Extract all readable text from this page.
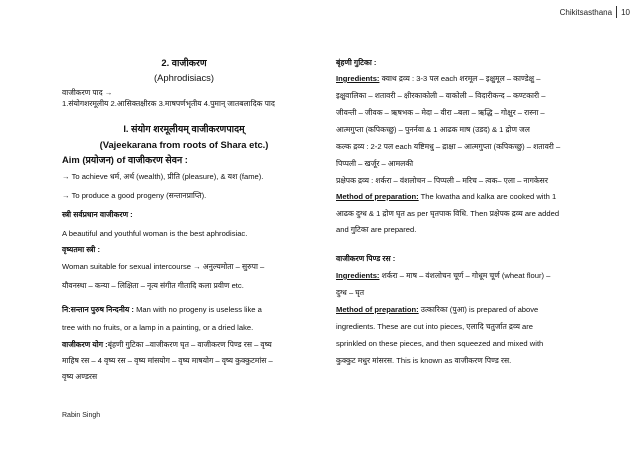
Chikitsasthana 10
2. वाजीकरण
(Aphrodisiacs)
वाजीकरण पाद →
1.संयोगशरमूलीय 2.आसिक्तक्षीरक 3.माषपर्णभृतीय 4.पुमान् जातबलादिक पाद
I. संयोग शरमूलीयम् वाजीकरणपादम्
(Vajeekarana from roots of Shara etc.)
Aim (प्रयोजन) of वाजीकरण सेवन :
→ To achieve धर्म, अर्थ (wealth), प्रीति (pleasure), & यश (fame).
→ To produce a good progeny (सन्तानप्राप्ति).
स्त्री सर्वप्रधान वाजीकरण :
A beautiful and youthful woman is the best aphrodisiac.
वृष्यतमा स्त्री :
Woman suitable for sexual intercourse → अनुल्यमोता – सुरुपा –
यौवनस्था – कन्या – लिक्षिता – नृत्य संगीत गीतादि कला प्रवीण etc.
नि:सन्तान पुरुष निन्दनीय : Man with no progeny is useless like a
tree with no fruits, or a lamp in a painting, or a dried lake.
वाजीकरण योग :बृंहणी गुटिका –वाजीकरण घृत – वाजीकरण पिण्ड रस – वृष्य
माहिष रस – 4 वृष्य रस – वृष्य मांसयोग – वृष्य माषयोग – वृष्य कुक्कुटमांस –
वृष्य अण्डरस
बृंहणी गुटिका :
Ingredients: क्वाथ द्रव्य : 3-3 पल each शरमूल – इक्षुमूल – काण्डेक्षु –
इक्षुवालिका – शतावरी – क्षीरकाकोली – वाकोली – विदारीकन्द – कण्टकारी –
जीवन्ती – जीवक – ऋषभक – मेदा – वीरा –बला – ऋद्धि – गोक्षुर – रास्ना –
आत्मगुप्ता (कपिकच्छु) – पुनर्नवा & 1 आढक माष (उडद) & 1 द्रोण जल
कल्क द्रव्य : 2-2 पल each यष्टिमधु – द्राक्षा – आत्मगुप्ता (कपिकच्छु) – शतावरी –
पिप्पली – खर्जूर – आमलकी
प्रक्षेपक द्रव्य : शर्करा – वंशलोचन – पिप्पली – मरिच – त्वक– एला – नागकेसर
Method of preparation: The kwatha and kalka are cooked with 1
आढक दुग्ध & 1 द्रोण घृत as per घृतपाक विधि. Then प्रक्षेपक द्रव्य are added
and गुटिका are prepared.
वाजीकरण पिण्ड रस :
Ingredients: शर्करा – माष – वंशलोचन चूर्ण – गोधूम चूर्ण (wheat flour) –
दुग्ध – घृत
Method of preparation: उत्कारिका (पुआ) is prepared of above
ingredients. These are cut into pieces, एलादि चतुर्जात द्रव्य are
sprinkled on these pieces, and then squeezed and mixed with
कुक्कुट मधुर मांसरस. This is known as वाजीकरण पिण्ड रस.
Rabin Singh
